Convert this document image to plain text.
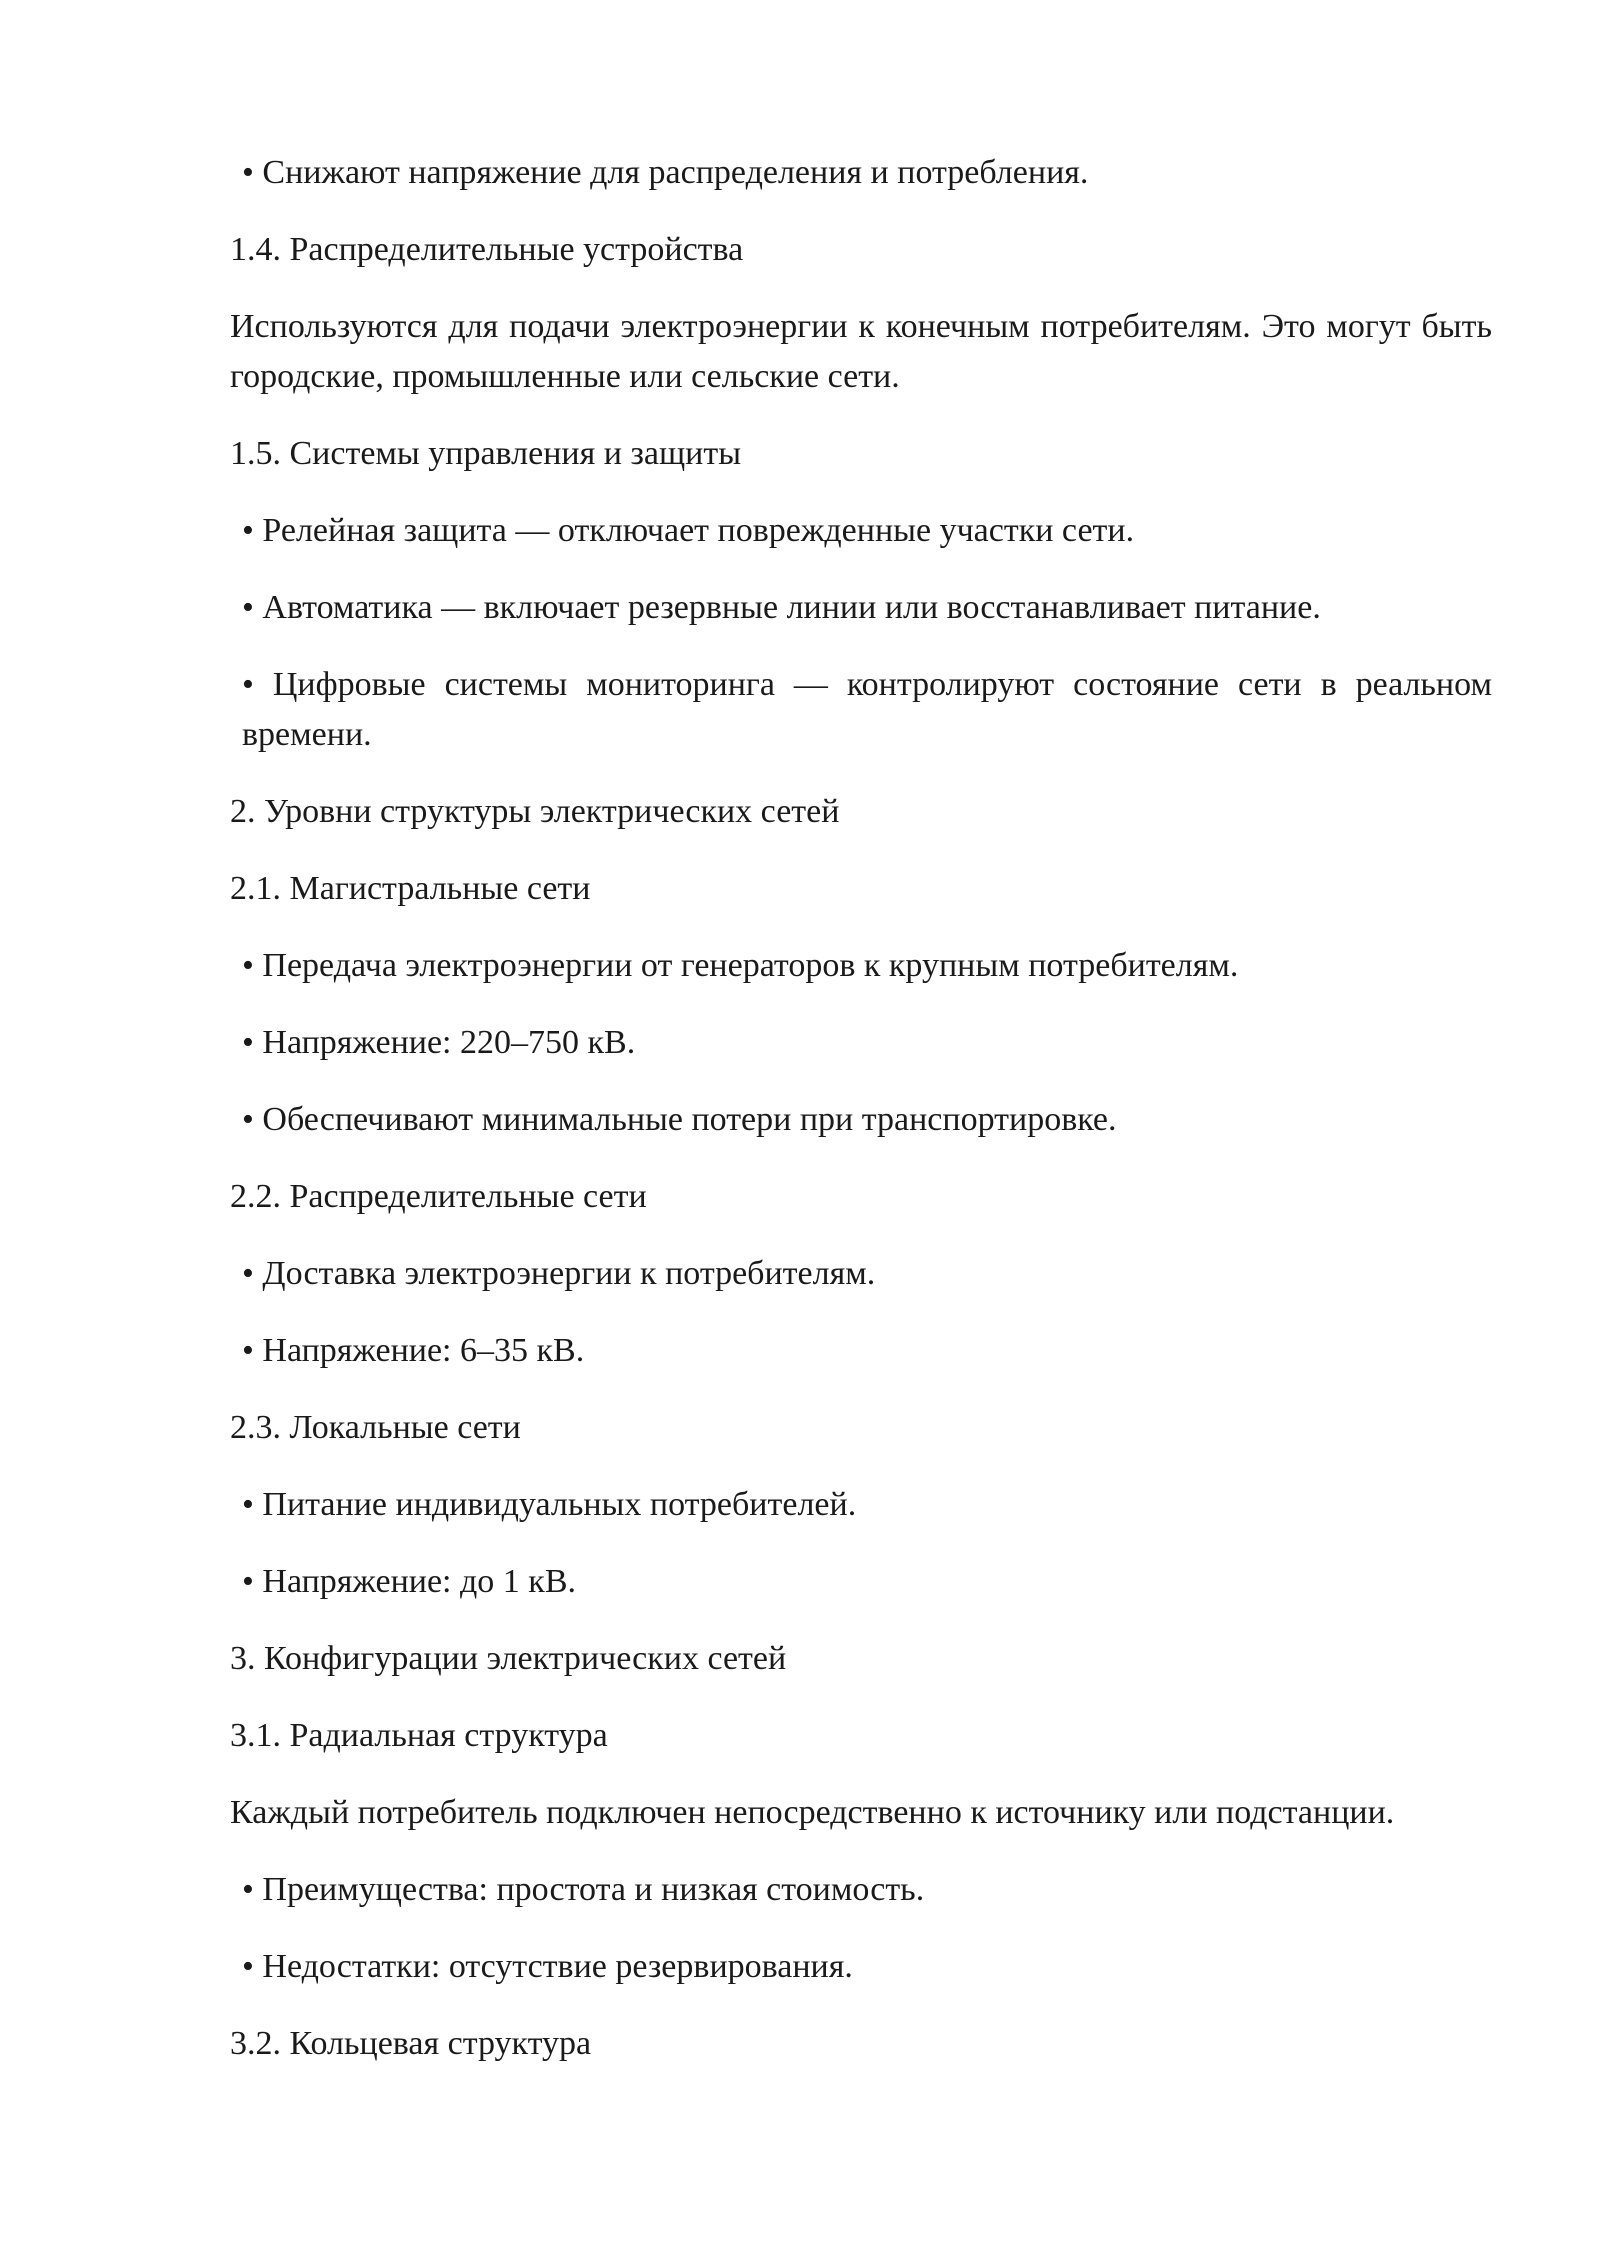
• Снижают напряжение для распределения и потребления.

1.4. Распределительные устройства

Используются для подачи электроэнергии к конечным потребителям. Это могут быть городские, промышленные или сельские сети.

1.5. Системы управления и защиты

• Релейная защита — отключает поврежденные участки сети.

• Автоматика — включает резервные линии или восстанавливает питание.

• Цифровые системы мониторинга — контролируют состояние сети в реальном времени.

2. Уровни структуры электрических сетей

2.1. Магистральные сети

• Передача электроэнергии от генераторов к крупным потребителям.

• Напряжение: 220–750 кВ.

• Обеспечивают минимальные потери при транспортировке.

2.2. Распределительные сети

• Доставка электроэнергии к потребителям.

• Напряжение: 6–35 кВ.

2.3. Локальные сети

• Питание индивидуальных потребителей.

• Напряжение: до 1 кВ.

3. Конфигурации электрических сетей

3.1. Радиальная структура

Каждый потребитель подключен непосредственно к источнику или подстанции.

• Преимущества: простота и низкая стоимость.

• Недостатки: отсутствие резервирования.

3.2. Кольцевая структура
